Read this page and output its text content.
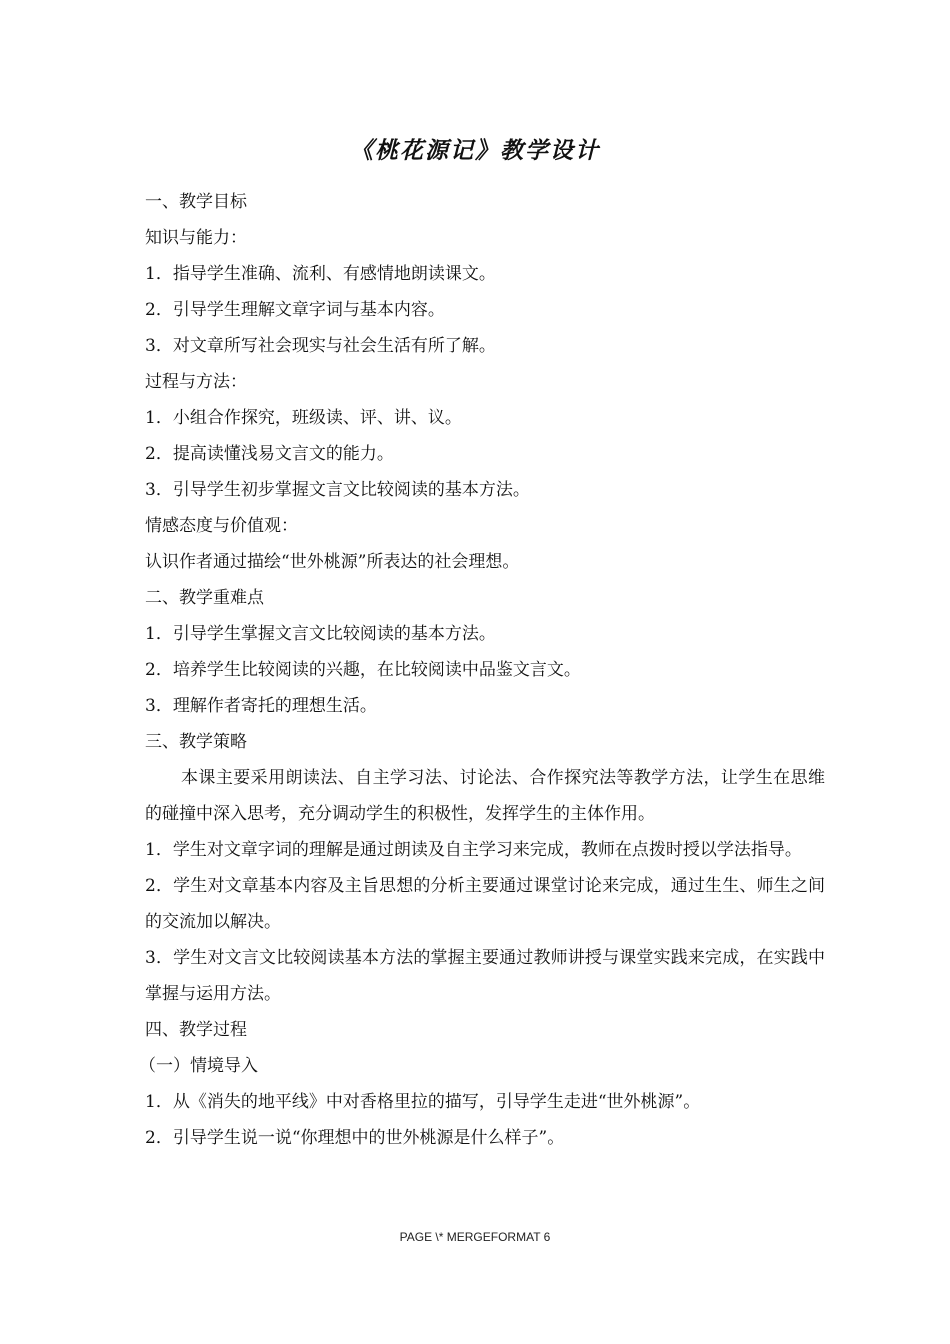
《桃花源记》教学设计
一、教学目标
知识与能力：
1．指导学生准确、流利、有感情地朗读课文。
2．引导学生理解文章字词与基本内容。
3．对文章所写社会现实与社会生活有所了解。
过程与方法：
1．小组合作探究，班级读、评、讲、议。
2．提高读懂浅易文言文的能力。
3．引导学生初步掌握文言文比较阅读的基本方法。
情感态度与价值观：
认识作者通过描绘“世外桃源”所表达的社会理想。
二、教学重难点
1．引导学生掌握文言文比较阅读的基本方法。
2．培养学生比较阅读的兴趣，在比较阅读中品鉴文言文。
3．理解作者寄托的理想生活。
三、教学策略
本课主要采用朗读法、自主学习法、讨论法、合作探究法等教学方法，让学生在思维的碰撞中深入思考，充分调动学生的积极性，发挥学生的主体作用。
1．学生对文章字词的理解是通过朗读及自主学习来完成，教师在点拨时授以学法指导。
2．学生对文章基本内容及主旨思想的分析主要通过课堂讨论来完成，通过生生、师生之间的交流加以解决。
3．学生对文言文比较阅读基本方法的掌握主要通过教师讲授与课堂实践来完成，在实践中掌握与运用方法。
四、教学过程
（一）情境导入
1．从《消失的地平线》中对香格里拉的描写，引导学生走进“世外桃源”。
2．引导学生说一说“你理想中的世外桃源是什么样子”。
PAGE \* MERGEFORMAT 6
